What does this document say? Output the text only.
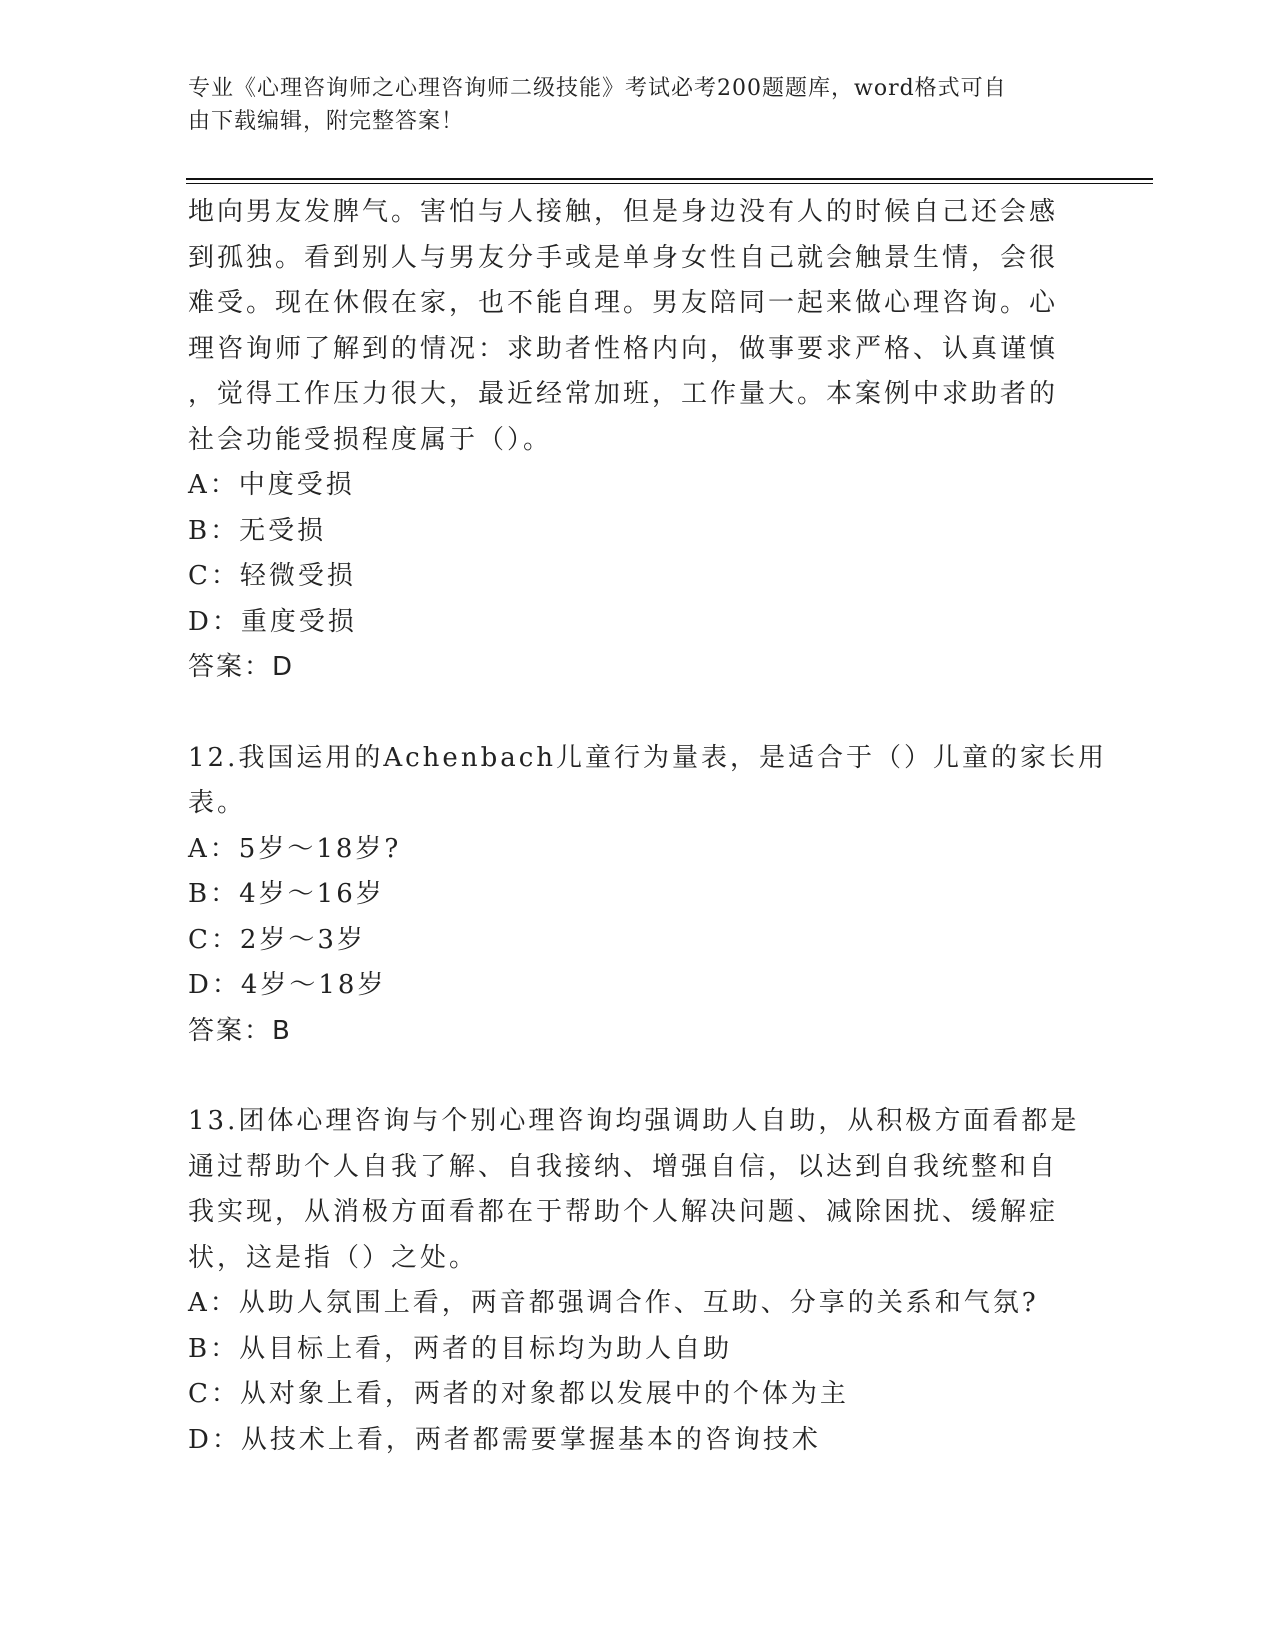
专业《心理咨询师之心理咨询师二级技能》考试必考200题题库，word格式可自
由下载编辑，附完整答案！

地向男友发脾气。害怕与人接触，但是身边没有人的时候自己还会感

到孤独。看到别人与男友分手或是单身女性自己就会触景生情，会很

难受。现在休假在家，也不能自理。男友陪同一起来做心理咨询。心

理咨询师了解到的情况：求助者性格内向，做事要求严格、认真谨慎

，觉得工作压力很大，最近经常加班，工作量大。本案例中求助者的

社会功能受损程度属于（）。

A：中度受损

B：无受损

C：轻微受损

D：重度受损

答案：D

12.我国运用的Achenbach儿童行为量表，是适合于（）儿童的家长用

表。

A：5岁～18岁?

B：4岁～16岁

C：2岁～3岁

D：4岁～18岁

答案：B

13.团体心理咨询与个别心理咨询均强调助人自助，从积极方面看都是

通过帮助个人自我了解、自我接纳、增强自信，以达到自我统整和自

我实现，从消极方面看都在于帮助个人解决问题、减除困扰、缓解症

状，这是指（）之处。

A：从助人氛围上看，两音都强调合作、互助、分享的关系和气氛?

B：从目标上看，两者的目标均为助人自助

C：从对象上看，两者的对象都以发展中的个体为主

D：从技术上看，两者都需要掌握基本的咨询技术
